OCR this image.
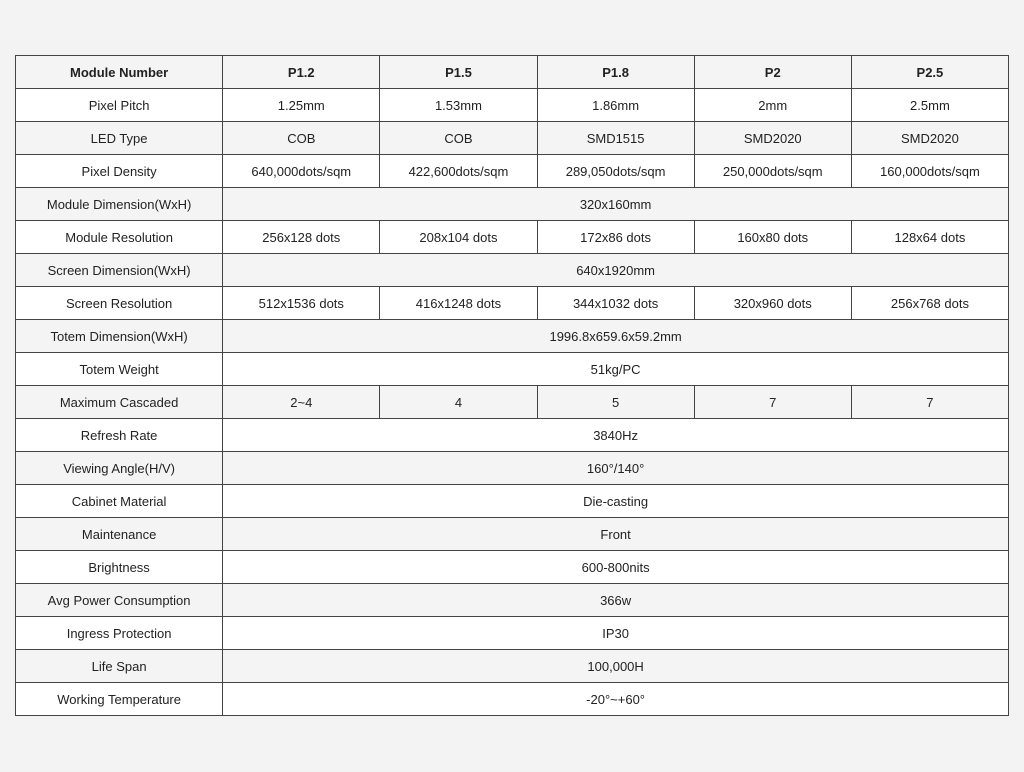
Module Number	P1.2	P1.5	P1.8	P2	P2.5
Pixel Pitch	1.25mm	1.53mm	1.86mm	2mm	2.5mm
LED Type	COB	COB	SMD1515	SMD2020	SMD2020
Pixel Density	640,000dots/sqm	422,600dots/sqm	289,050dots/sqm	250,000dots/sqm	160,000dots/sqm
Module Dimension(WxH)	320x160mm				
Module Resolution	256x128 dots	208x104 dots	172x86 dots	160x80 dots	128x64 dots
Screen Dimension(WxH)	640x1920mm				
Screen Resolution	512x1536 dots	416x1248 dots	344x1032 dots	320x960 dots	256x768 dots
Totem Dimension(WxH)	1996.8x659.6x59.2mm				
Totem Weight	51kg/PC				
Maximum Cascaded	2~4	4	5	7	7
Refresh Rate	3840Hz				
Viewing Angle(H/V)	160°/140°				
Cabinet Material	Die-casting				
Maintenance	Front				
Brightness	600-800nits				
Avg Power Consumption	366w				
Ingress Protection	IP30				
Life Span	100,000H				
Working Temperature	-20°~+60°				
